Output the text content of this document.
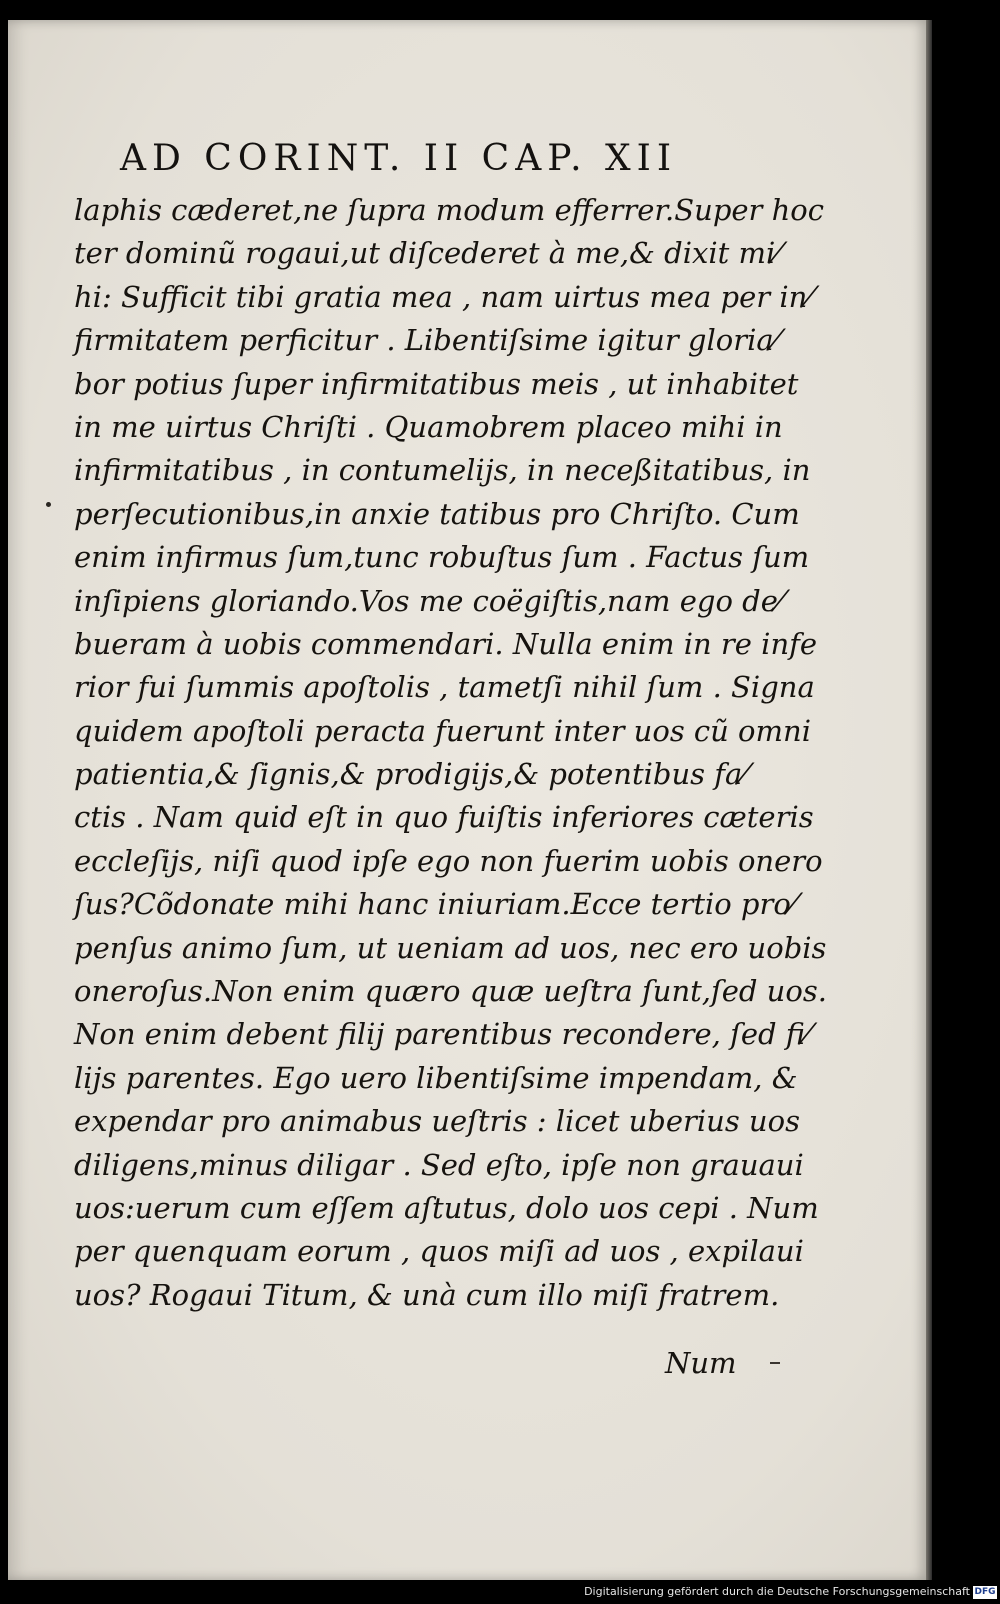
AD CORINT. II CAP. XII
laphis cæderet,ne ſupra modum efferrer.Super hoc
ter dominũ rogaui,ut diſcederet à me,& dixit mi⁄
hi: Sufficit tibi gratia mea , nam uirtus mea per in⁄
firmitatem perficitur . Libentiſsime igitur gloria⁄
bor potius ſuper infirmitatibus meis , ut inhabitet
in me uirtus Chriſti . Quamobrem placeo mihi in
infirmitatibus , in contumelijs, in neceßitatibus, in
perſecutionibus,in anxie tatibus pro Chriſto. Cum
enim infirmus ſum,tunc robuſtus ſum . Factus ſum
inſipiens gloriando.Vos me coëgiſtis,nam ego de⁄
bueram à uobis commendari. Nulla enim in re infe
rior fui ſummis apoſtolis , tametſi nihil ſum . Signa
quidem apoſtoli peracta fuerunt inter uos cũ omni
patientia,& ſignis,& prodigijs,& potentibus fa⁄
ctis . Nam quid eſt in quo fuiſtis inferiores cæteris
eccleſijs, niſi quod ipſe ego non fuerim uobis onero
ſus?Cõdonate mihi hanc iniuriam.Ecce tertio pro⁄
penſus animo ſum, ut ueniam ad uos, nec ero uobis
oneroſus.Non enim quæro quæ ueſtra ſunt,ſed uos.
Non enim debent filij parentibus recondere, ſed fi⁄
lijs parentes. Ego uero libentiſsime impendam, &
expendar pro animabus ueſtris : licet uberius uos
diligens,minus diligar . Sed eſto, ipſe non grauaui
uos:uerum cum eſſem aſtutus, dolo uos cepi . Num
per quenquam eorum , quos miſi ad uos , expilaui
uos? Rogaui Titum, & unà cum illo miſi fratrem.
Num
Digitalisierung gefördert durch die Deutsche Forschungsgemeinschaft DFG
